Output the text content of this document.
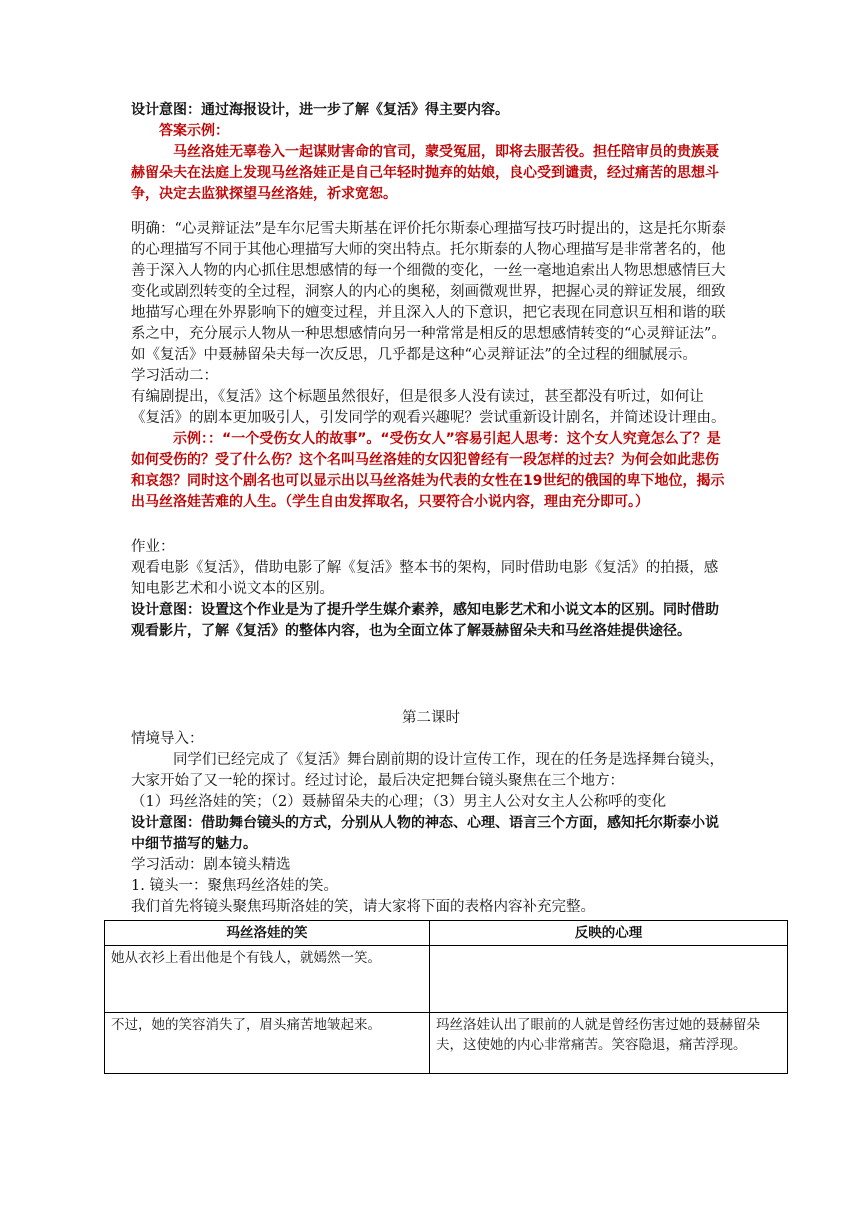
设计意图：通过海报设计，进一步了解《复活》得主要内容。

答案示例：

马丝洛娃无辜卷入一起谋财害命的官司，蒙受冤屈，即将去服苦役。担任陪审员的贵族聂赫留朵夫在法庭上发现马丝洛娃正是自己年轻时抛弃的姑娘，良心受到谴责，经过痛苦的思想斗争，决定去监狱探望马丝洛娃，祈求宽恕。

明确：“心灵辩证法”是车尔尼雪夫斯基在评价托尔斯泰心理描写技巧时提出的，这是托尔斯泰的心理描写不同于其他心理描写大师的突出特点。托尔斯泰的人物心理描写是非常著名的，他善于深入人物的内心抓住思想感情的每一个细微的变化，一丝一毫地追索出人物思想感情巨大变化或剧烈转变的全过程，洞察人的内心的奥秘，刻画微观世界，把握心灵的辩证发展，细致地描写心理在外界影响下的嬗变过程，并且深入人的下意识，把它表现在同意识互相和谐的联系之中，充分展示人物从一种思想感情向另一种常常是相反的思想感情转变的“心灵辩证法”。 如《复活》中聂赫留朵夫每一次反思，几乎都是这种“心灵辩证法”的全过程的细腻展示。

学习活动二：

有编剧提出，《复活》这个标题虽然很好，但是很多人没有读过，甚至都没有听过，如何让《复活》的剧本更加吸引人，引发同学的观看兴趣呢？尝试重新设计剧名，并简述设计理由。

示例：：“一个受伤女人的故事”。“受伤女人”容易引起人思考：这个女人究竟怎么了？是如何受伤的？受了什么伤？这个名叫马丝洛娃的女囚犯曾经有一段怎样的过去？为何会如此悲伤和哀怨？同时这个剧名也可以显示出以马丝洛娃为代表的女性在19世纪的俄国的卑下地位，揭示出马丝洛娃苦难的人生。（学生自由发挥取名，只要符合小说内容，理由充分即可。）

作业：

观看电影《复活》，借助电影了解《复活》整本书的架构，同时借助电影《复活》的拍摄，感知电影艺术和小说文本的区别。

设计意图：设置这个作业是为了提升学生媒介素养，感知电影艺术和小说文本的区别。同时借助观看影片，了解《复活》的整体内容，也为全面立体了解聂赫留朵夫和马丝洛娃提供途径。

第二课时

情境导入：

同学们已经完成了《复活》舞台剧前期的设计宣传工作，现在的任务是选择舞台镜头，大家开始了又一轮的探讨。经过讨论，最后决定把舞台镜头聚焦在三个地方：

（1）玛丝洛娃的笑；（2）聂赫留朵夫的心理；（3）男主人公对女主人公称呼的变化

设计意图：借助舞台镜头的方式，分别从人物的神态、心理、语言三个方面，感知托尔斯泰小说中细节描写的魅力。

学习活动：剧本镜头精选

1. 镜头一：聚焦玛丝洛娃的笑。

我们首先将镜头聚焦玛斯洛娃的笑，请大家将下面的表格内容补充完整。

玛丝洛娃的笑	反映的心理
她从衣衫上看出他是个有钱人，就嫣然一笑。	
不过，她的笑容消失了，眉头痛苦地皱起来。	玛丝洛娃认出了眼前的人就是曾经伤害过她的聂赫留朵夫，这使她的内心非常痛苦。笑容隐退，痛苦浮现。
